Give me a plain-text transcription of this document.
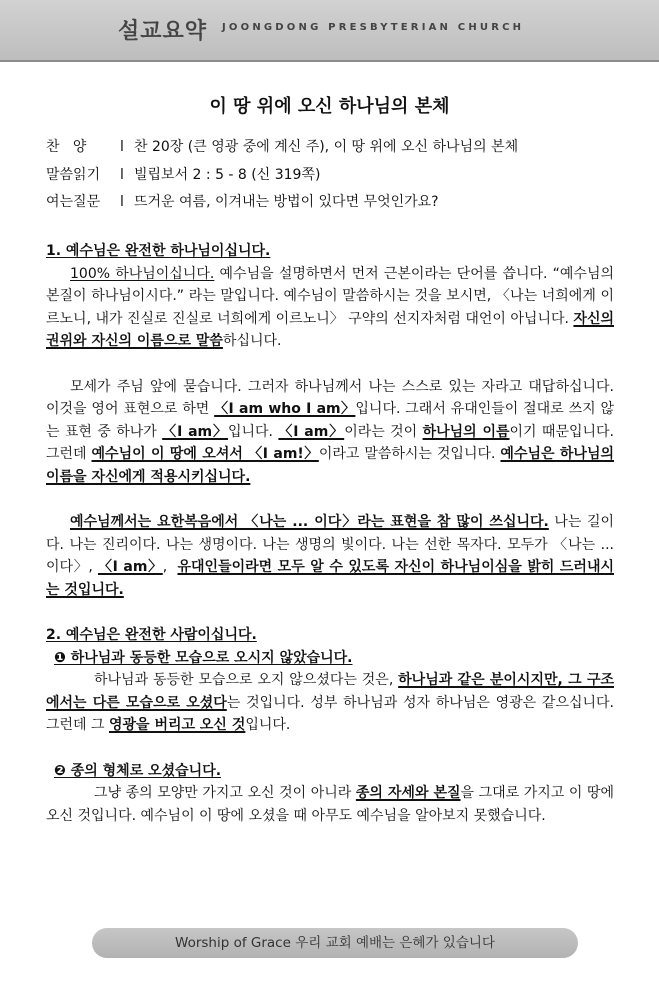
설교요약 JOONGDONG PRESBYTERIAN CHURCH
이 땅 위에 오신 하나님의 본체
찬   양 l 찬 20장 (큰 영광 중에 계신 주), 이 땅 위에 오신 하나님의 본체
말씀읽기 l 빌립보서 2 : 5 - 8 (신 319쪽)
여는질문 l 뜨거운 여름, 이겨내는 방법이 있다면 무엇인가요?

1. 예수님은 완전한 하나님이십니다.

100% 하나님이십니다. 예수님을 설명하면서 먼저 근본이라는 단어를 씁니다. “예수님의 본질이 하나님이시다.” 라는 말입니다. 예수님이 말씀하시는 것을 보시면, 〈나는 너희에게 이르노니, 내가 진실로 진실로 너희에게 이르노니〉 구약의 선지자처럼 대언이 아닙니다. 자신의 권위와 자신의 이름으로 말씀하십니다.

모세가 주님 앞에 묻습니다. 그러자 하나님께서 나는 스스로 있는 자라고 대답하십니다. 이것을 영어 표현으로 하면 〈I am who I am〉입니다. 그래서 유대인들이 절대로 쓰지 않는 표현 중 하나가 〈I am〉입니다. 〈I am〉이라는 것이 하나님의 이름이기 때문입니다. 그런데 예수님이 이 땅에 오셔서 〈I am!〉이라고 말씀하시는 것입니다. 예수님은 하나님의 이름을 자신에게 적용시키십니다.

예수님께서는 요한복음에서 〈나는 ... 이다〉라는 표현을 참 많이 쓰십니다. 나는 길이다. 나는 진리이다. 나는 생명이다. 나는 생명의 빛이다. 나는 선한 목자다. 모두가 〈나는 ... 이다〉, 〈I am〉,  유대인들이라면 모두 알 수 있도록 자신이 하나님이심을 밝히 드러내시는 것입니다.

2. 예수님은 완전한 사람이십니다.

❶ 하나님과 동등한 모습으로 오시지 않았습니다.

하나님과 동등한 모습으로 오지 않으셨다는 것은, 하나님과 같은 분이시지만, 그 구조에서는 다른 모습으로 오셨다는 것입니다. 성부 하나님과 성자 하나님은 영광은 같으십니다. 그런데 그 영광을 버리고 오신 것입니다.

❷ 종의 형체로 오셨습니다.

그냥 종의 모양만 가지고 오신 것이 아니라 종의 자세와 본질을 그대로 가지고 이 땅에 오신 것입니다. 예수님이 이 땅에 오셨을 때 아무도 예수님을 알아보지 못했습니다.

Worship of Grace 우리 교회 예배는 은혜가 있습니다
